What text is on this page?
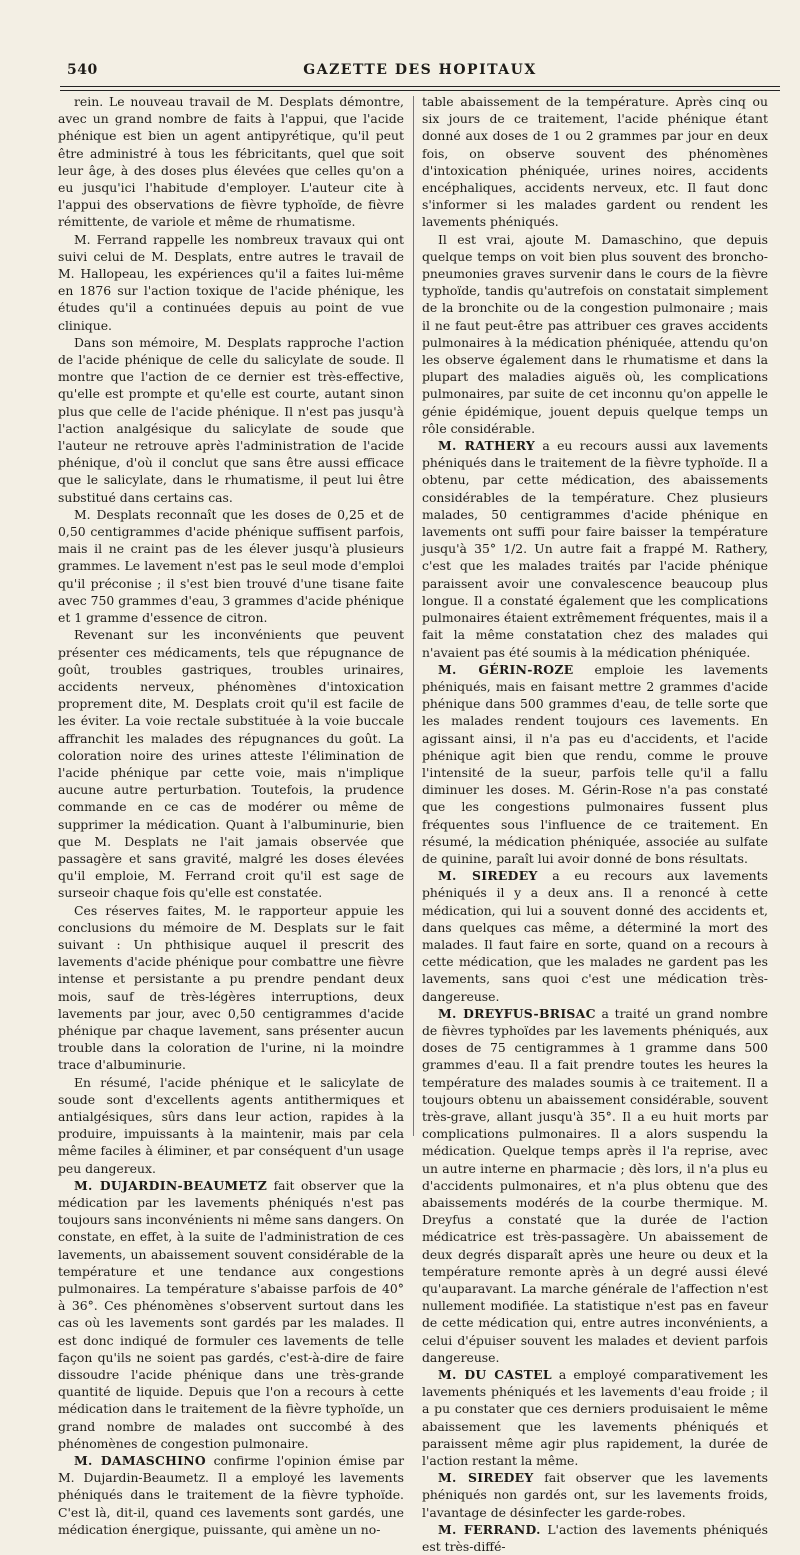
540	GAZETTE DES HOPITAUX

rein. Le nouveau travail de M. Desplats démontre, avec un grand nombre de faits à l'appui, que l'acide phénique est bien un agent antipyrétique, qu'il peut être administré à tous les fébricitants, quel que soit leur âge, à des doses plus élevées que celles qu'on a eu jusqu'ici l'habitude d'employer. L'auteur cite à l'appui des observations de fièvre typhoïde, de fièvre rémittente, de variole et même de rhumatisme.

M. Ferrand rappelle les nombreux travaux qui ont suivi celui de M. Desplats, entre autres le travail de M. Hallopeau, les expériences qu'il a faites lui-même en 1876 sur l'action toxique de l'acide phénique, les études qu'il a continuées depuis au point de vue clinique.

Dans son mémoire, M. Desplats rapproche l'action de l'acide phénique de celle du salicylate de soude. Il montre que l'action de ce dernier est très-effective, qu'elle est prompte et qu'elle est courte, autant sinon plus que celle de l'acide phénique. Il n'est pas jusqu'à l'action analgésique du salicylate de soude que l'auteur ne retrouve après l'administration de l'acide phénique, d'où il conclut que sans être aussi efficace que le salicylate, dans le rhumatisme, il peut lui être substitué dans certains cas.

M. Desplats reconnaît que les doses de 0,25 et de 0,50 centigrammes d'acide phénique suffisent parfois, mais il ne craint pas de les élever jusqu'à plusieurs grammes. Le lavement n'est pas le seul mode d'emploi qu'il préconise ; il s'est bien trouvé d'une tisane faite avec 750 grammes d'eau, 3 grammes d'acide phénique et 1 gramme d'essence de citron.

Revenant sur les inconvénients que peuvent présenter ces médicaments, tels que répugnance de goût, troubles gastriques, troubles urinaires, accidents nerveux, phénomènes d'intoxication proprement dite, M. Desplats croit qu'il est facile de les éviter. La voie rectale substituée à la voie buccale affranchit les malades des répugnances du goût. La coloration noire des urines atteste l'élimination de l'acide phénique par cette voie, mais n'implique aucune autre perturbation. Toutefois, la prudence commande en ce cas de modérer ou même de supprimer la médication. Quant à l'albuminurie, bien que M. Desplats ne l'ait jamais observée que passagère et sans gravité, malgré les doses élevées qu'il emploie, M. Ferrand croit qu'il est sage de surseoir chaque fois qu'elle est constatée.

Ces réserves faites, M. le rapporteur appuie les conclusions du mémoire de M. Desplats sur le fait suivant : Un phthisique auquel il prescrit des lavements d'acide phénique pour combattre une fièvre intense et persistante a pu prendre pendant deux mois, sauf de très-légères interruptions, deux lavements par jour, avec 0,50 centigrammes d'acide phénique par chaque lavement, sans présenter aucun trouble dans la coloration de l'urine, ni la moindre trace d'albuminurie.

En résumé, l'acide phénique et le salicylate de soude sont d'excellents agents antithermiques et antialgésiques, sûrs dans leur action, rapides à la produire, impuissants à la maintenir, mais par cela même faciles à éliminer, et par conséquent d'un usage peu dangereux.

M. DUJARDIN-BEAUMETZ fait observer que la médication par les lavements phéniqués n'est pas toujours sans inconvénients ni même sans dangers. On constate, en effet, à la suite de l'administration de ces lavements, un abaissement souvent considérable de la température et une tendance aux congestions pulmonaires. La température s'abaisse parfois de 40° à 36°. Ces phénomènes s'observent surtout dans les cas où les lavements sont gardés par les malades. Il est donc indiqué de formuler ces lavements de telle façon qu'ils ne soient pas gardés, c'est-à-dire de faire dissoudre l'acide phénique dans une très-grande quantité de liquide. Depuis que l'on a recours à cette médication dans le traitement de la fièvre typhoïde, un grand nombre de malades ont succombé à des phénomènes de congestion pulmonaire.

M. DAMASCHINO confirme l'opinion émise par M. Dujardin-Beaumetz. Il a employé les lavements phéniqués dans le traitement de la fièvre typhoïde. C'est là, dit-il, quand ces lavements sont gardés, une médication énergique, puissante, qui amène un no-

table abaissement de la température. Après cinq ou six jours de ce traitement, l'acide phénique étant donné aux doses de 1 ou 2 grammes par jour en deux fois, on observe souvent des phénomènes d'intoxication phéniquée, urines noires, accidents encéphaliques, accidents nerveux, etc. Il faut donc s'informer si les malades gardent ou rendent les lavements phéniqués.

Il est vrai, ajoute M. Damaschino, que depuis quelque temps on voit bien plus souvent des broncho-pneumonies graves survenir dans le cours de la fièvre typhoïde, tandis qu'autrefois on constatait simplement de la bronchite ou de la congestion pulmonaire ; mais il ne faut peut-être pas attribuer ces graves accidents pulmonaires à la médication phéniquée, attendu qu'on les observe également dans le rhumatisme et dans la plupart des maladies aiguës où, les complications pulmonaires, par suite de cet inconnu qu'on appelle le génie épidémique, jouent depuis quelque temps un rôle considérable.

M. RATHERY a eu recours aussi aux lavements phéniqués dans le traitement de la fièvre typhoïde. Il a obtenu, par cette médication, des abaissements considérables de la température. Chez plusieurs malades, 50 centigrammes d'acide phénique en lavements ont suffi pour faire baisser la température jusqu'à 35° 1/2. Un autre fait a frappé M. Rathery, c'est que les malades traités par l'acide phénique paraissent avoir une convalescence beaucoup plus longue. Il a constaté également que les complications pulmonaires étaient extrêmement fréquentes, mais il a fait la même constatation chez des malades qui n'avaient pas été soumis à la médication phéniquée.

M. GÉRIN-ROZE emploie les lavements phéniqués, mais en faisant mettre 2 grammes d'acide phénique dans 500 grammes d'eau, de telle sorte que les malades rendent toujours ces lavements. En agissant ainsi, il n'a pas eu d'accidents, et l'acide phénique agit bien que rendu, comme le prouve l'intensité de la sueur, parfois telle qu'il a fallu diminuer les doses. M. Gérin-Rose n'a pas constaté que les congestions pulmonaires fussent plus fréquentes sous l'influence de ce traitement. En résumé, la médication phéniquée, associée au sulfate de quinine, paraît lui avoir donné de bons résultats.

M. SIREDEY a eu recours aux lavements phéniqués il y a deux ans. Il a renoncé à cette médication, qui lui a souvent donné des accidents et, dans quelques cas même, a déterminé la mort des malades. Il faut faire en sorte, quand on a recours à cette médication, que les malades ne gardent pas les lavements, sans quoi c'est une médication très-dangereuse.

M. DREYFUS-BRISAC a traité un grand nombre de fièvres typhoïdes par les lavements phéniqués, aux doses de 75 centigrammes à 1 gramme dans 500 grammes d'eau. Il a fait prendre toutes les heures la température des malades soumis à ce traitement. Il a toujours obtenu un abaissement considérable, souvent très-grave, allant jusqu'à 35°. Il a eu huit morts par complications pulmonaires. Il a alors suspendu la médication. Quelque temps après il l'a reprise, avec un autre interne en pharmacie ; dès lors, il n'a plus eu d'accidents pulmonaires, et n'a plus obtenu que des abaissements modérés de la courbe thermique. M. Dreyfus a constaté que la durée de l'action médicatrice est très-passagère. Un abaissement de deux degrés disparaît après une heure ou deux et la température remonte après à un degré aussi élevé qu'auparavant. La marche générale de l'affection n'est nullement modifiée. La statistique n'est pas en faveur de cette médication qui, entre autres inconvénients, a celui d'épuiser souvent les malades et devient parfois dangereuse.

M. DU CASTEL a employé comparativement les lavements phéniqués et les lavements d'eau froide ; il a pu constater que ces derniers produisaient le même abaissement que les lavements phéniqués et paraissent même agir plus rapidement, la durée de l'action restant la même.

M. SIREDEY fait observer que les lavements phéniqués non gardés ont, sur les lavements froids, l'avantage de désinfecter les garde-robes.

M. FERRAND. L'action des lavements phéniqués est très-diffé-
